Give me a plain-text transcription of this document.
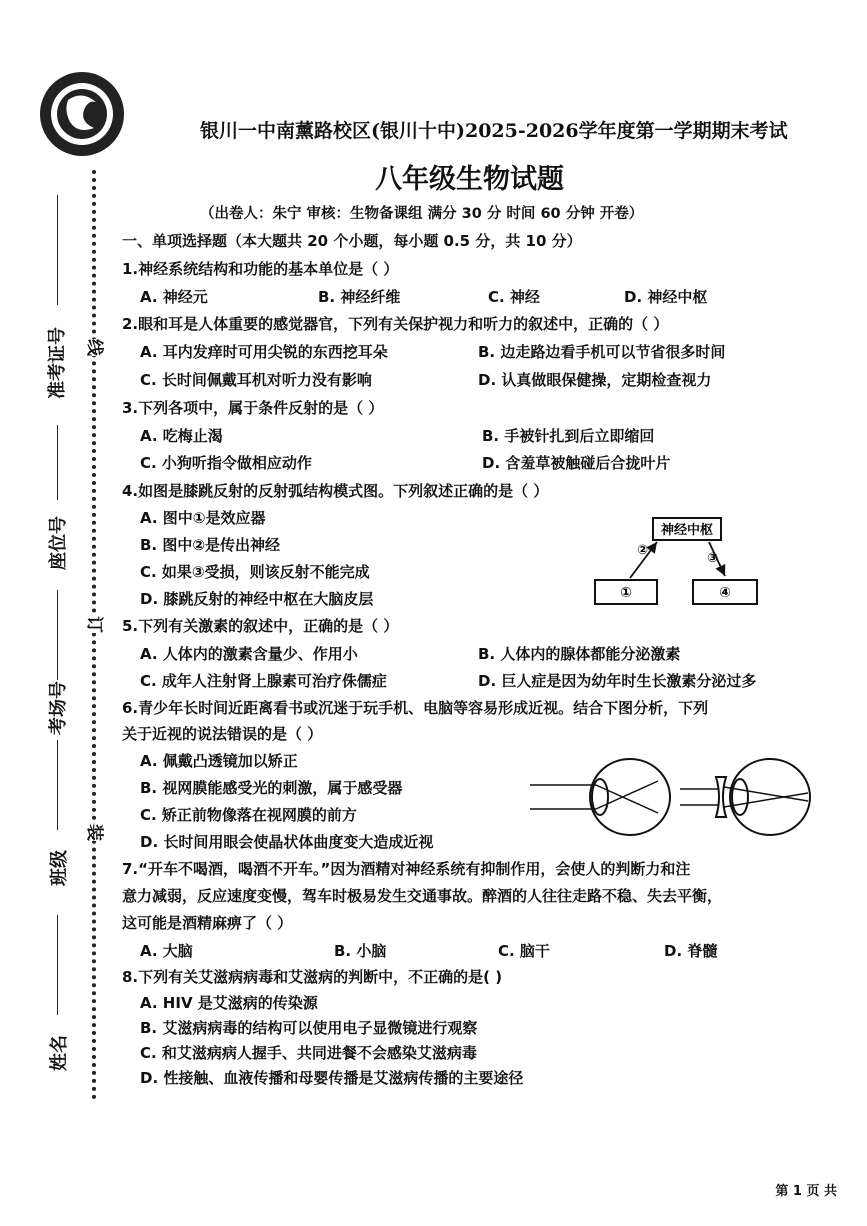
线
订
装
准考证号
座位号
考场号
班级
姓名
银川一中南薰路校区(银川十中)2025-2026学年度第一学期期末考试
八年级生物试题
（出卷人：朱宁 审核：生物备课组 满分 30 分 时间 60 分钟 开卷）
一、单项选择题（本大题共 20 个小题，每小题 0.5 分，共 10 分）
1.神经系统结构和功能的基本单位是（ ）
A. 神经元	B. 神经纤维	C. 神经	D. 神经中枢
2.眼和耳是人体重要的感觉器官，下列有关保护视力和听力的叙述中，正确的（ ）
A. 耳内发痒时可用尖锐的东西挖耳朵	B. 边走路边看手机可以节省很多时间
C. 长时间佩戴耳机对听力没有影响	D. 认真做眼保健操，定期检查视力
3.下列各项中，属于条件反射的是（ ）
A. 吃梅止渴	B. 手被针扎到后立即缩回
C. 小狗听指令做相应动作	D. 含羞草被触碰后合拢叶片
4.如图是膝跳反射的反射弧结构模式图。下列叙述正确的是（ ）
A. 图中①是效应器
B. 图中②是传出神经
C. 如果③受损，则该反射不能完成
D. 膝跳反射的神经中枢在大脑皮层
神经中枢
①	④
②
③
5.下列有关激素的叙述中，正确的是（ ）
A. 人体内的激素含量少、作用小	B. 人体内的腺体都能分泌激素
C. 成年人注射肾上腺素可治疗侏儒症	D. 巨人症是因为幼年时生长激素分泌过多
6.青少年长时间近距离看书或沉迷于玩手机、电脑等容易形成近视。结合下图分析，下列
关于近视的说法错误的是（ ）
A. 佩戴凸透镜加以矫正
B. 视网膜能感受光的刺激，属于感受器
C. 矫正前物像落在视网膜的前方
D. 长时间用眼会使晶状体曲度变大造成近视
7.“开车不喝酒，喝酒不开车。”因为酒精对神经系统有抑制作用，会使人的判断力和注
意力减弱，反应速度变慢，驾车时极易发生交通事故。醉酒的人往往走路不稳、失去平衡，
这可能是酒精麻痹了（ ）
A. 大脑	B. 小脑	C. 脑干	D. 脊髓
8.下列有关艾滋病病毒和艾滋病的判断中，不正确的是( )
A. HIV 是艾滋病的传染源
B. 艾滋病病毒的结构可以使用电子显微镜进行观察
C. 和艾滋病病人握手、共同进餐不会感染艾滋病毒
D. 性接触、血液传播和母婴传播是艾滋病传播的主要途径
第 1 页 共
